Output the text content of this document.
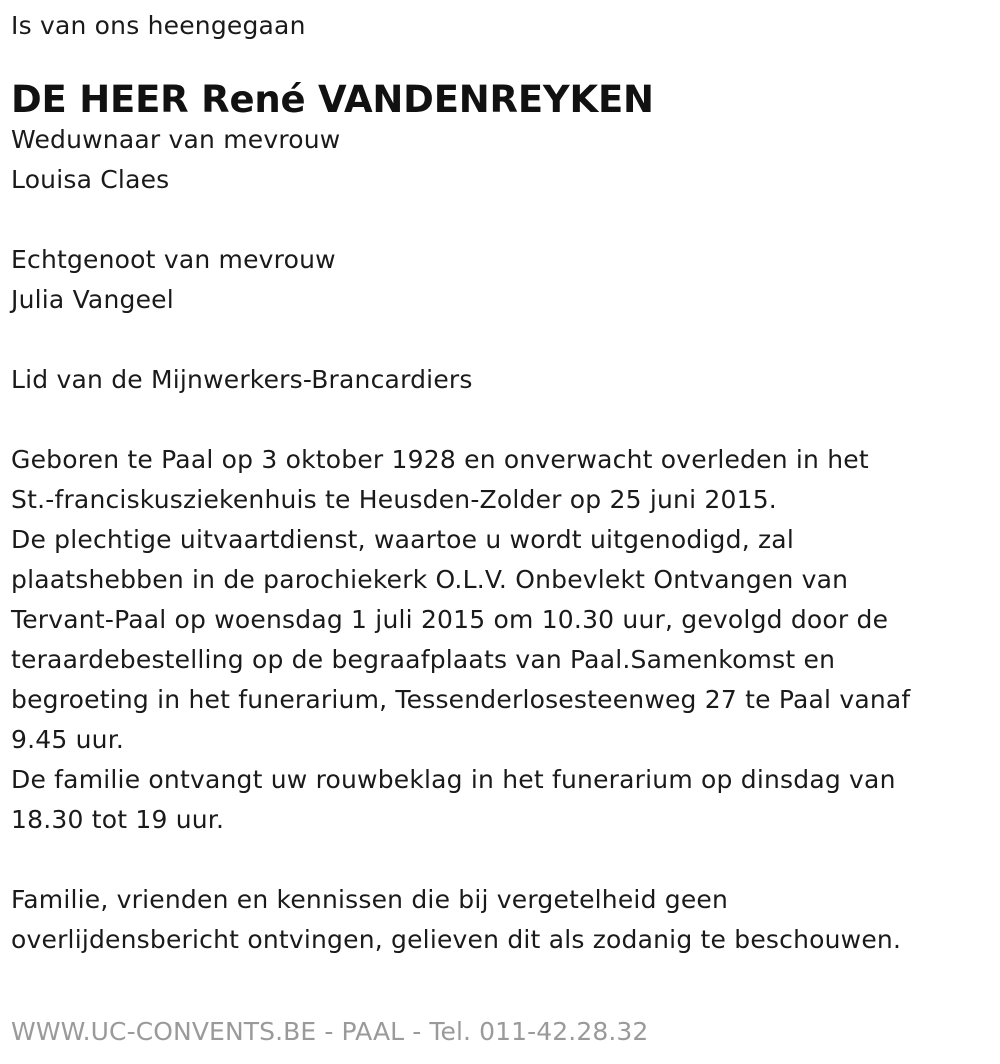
Is van ons heengegaan
DE HEER René VANDENREYKEN
Weduwnaar van mevrouw
Louisa Claes
Echtgenoot van mevrouw
Julia Vangeel
Lid van de Mijnwerkers-Brancardiers
Geboren te Paal op 3 oktober 1928 en onverwacht overleden in het
St.-franciskusziekenhuis te Heusden-Zolder op 25 juni 2015.
De plechtige uitvaartdienst, waartoe u wordt uitgenodigd, zal
plaatshebben in de parochiekerk O.L.V. Onbevlekt Ontvangen van
Tervant-Paal op woensdag 1 juli 2015 om 10.30 uur, gevolgd door de
teraardebestelling op de begraafplaats van Paal.Samenkomst en
begroeting in het funerarium, Tessenderlosesteenweg 27 te Paal vanaf
9.45 uur.
De familie ontvangt uw rouwbeklag in het funerarium op dinsdag van
18.30 tot 19 uur.
Familie, vrienden en kennissen die bij vergetelheid geen
overlijdensbericht ontvingen, gelieven dit als zodanig te beschouwen.
WWW.UC-CONVENTS.BE - PAAL - Tel. 011-42.28.32
